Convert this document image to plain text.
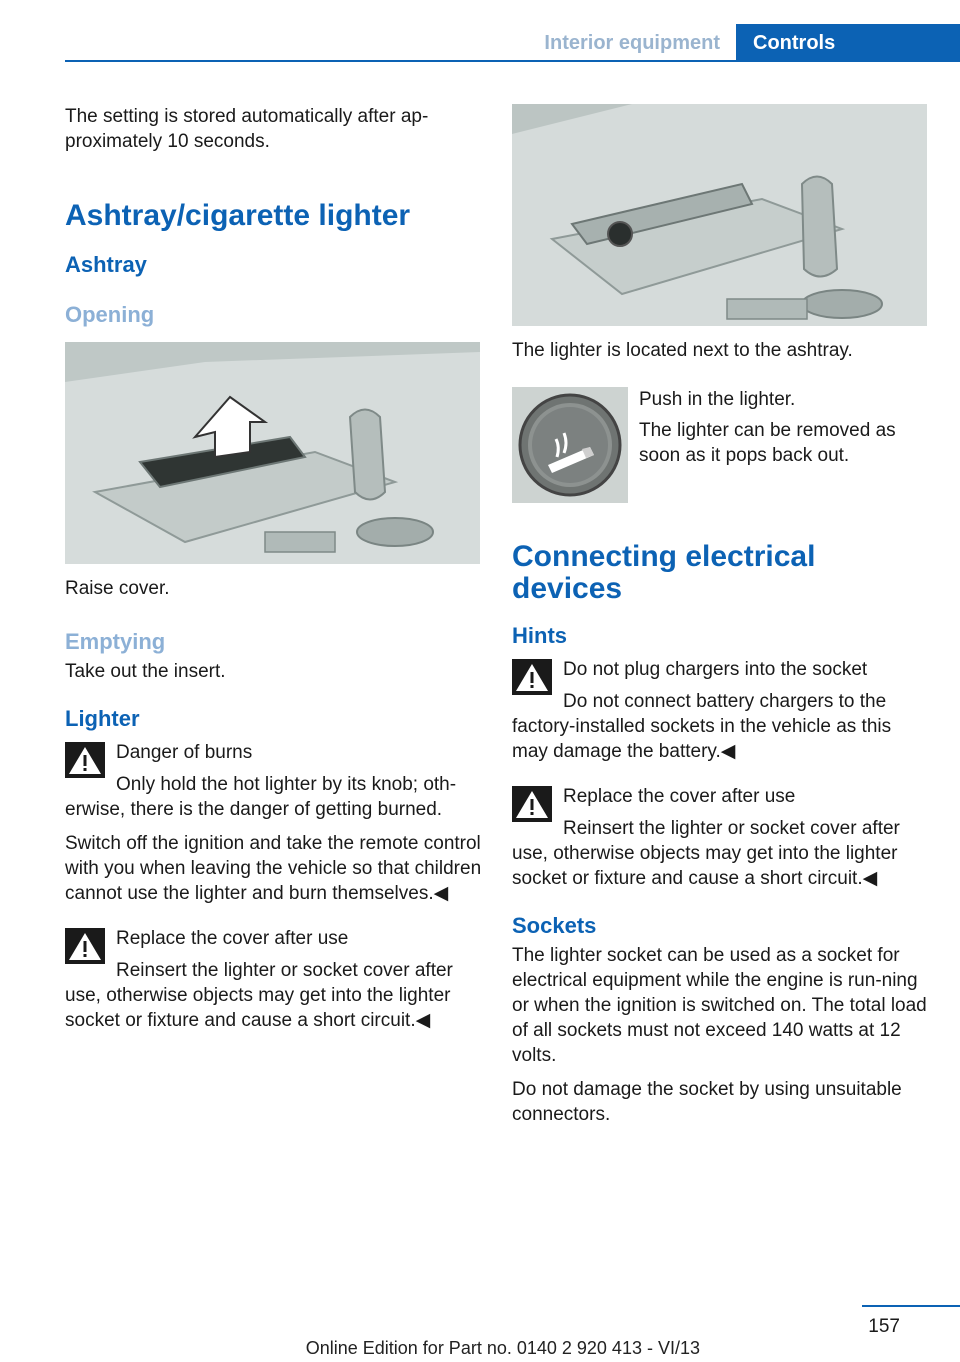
Interior equipment	Controls

The setting is stored automatically after ap‐proximately 10 seconds.

Ashtray/cigarette lighter
Ashtray
Opening

Raise cover.

Emptying

Take out the insert.

Lighter
Danger of burns
Only hold the hot lighter by its knob; oth‐erwise, there is the danger of getting burned.
Switch off the ignition and take the remote control with you when leaving the vehicle so that children cannot use the lighter and burn themselves.◀
Replace the cover after use
Reinsert the lighter or socket cover after use, otherwise objects may get into the lighter socket or fixture and cause a short circuit.◀

The lighter is located next to the ashtray.

Push in the lighter.

The lighter can be removed as soon as it pops back out.

Connecting electrical devices
Hints
Do not plug chargers into the socket
Do not connect battery chargers to the factory-installed sockets in the vehicle as this may damage the battery.◀
Replace the cover after use
Reinsert the lighter or socket cover after use, otherwise objects may get into the lighter socket or fixture and cause a short circuit.◀
Sockets

The lighter socket can be used as a socket for electrical equipment while the engine is run‐ning or when the ignition is switched on. The total load of all sockets must not exceed 140 watts at 12 volts.

Do not damage the socket by using unsuitable connectors.

157
Online Edition for Part no. 0140 2 920 413 - VI/13
